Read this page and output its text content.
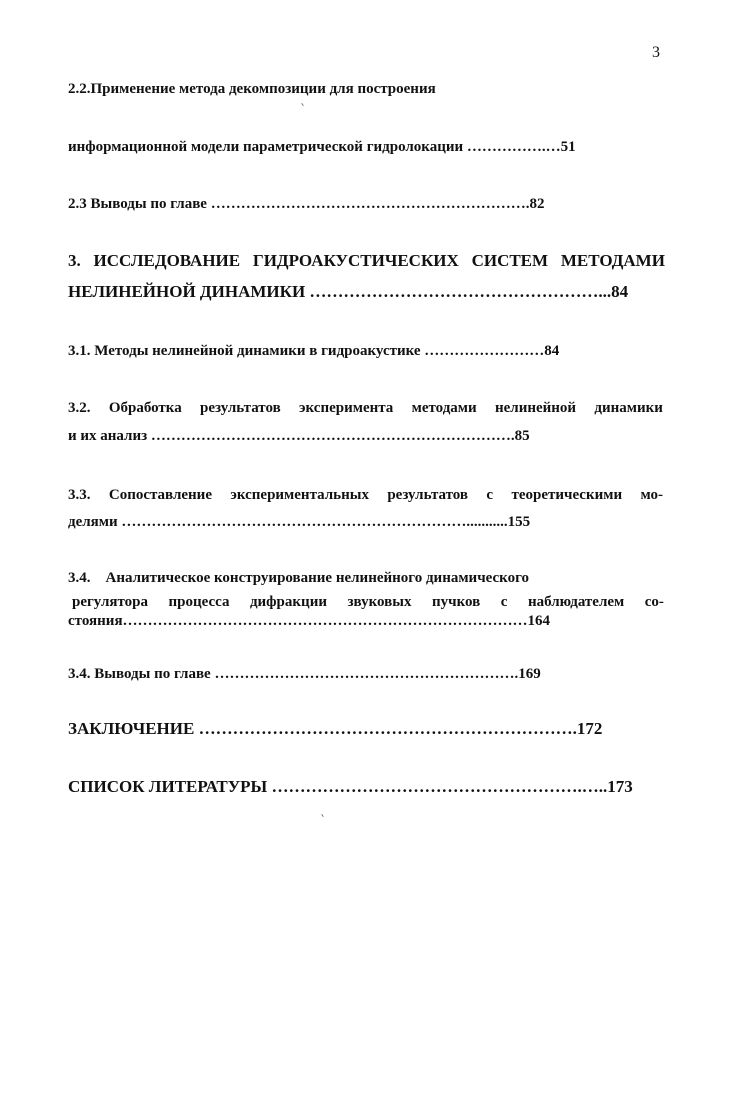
3
2.2.Применение метода декомпозиции для построения
информационной модели параметрической гидролокации …………….…51
2.3 Выводы по главе ……………………………………………………….82
3. ИССЛЕДОВАНИЕ ГИДРОАКУСТИЧЕСКИХ СИСТЕМ МЕТОДАМИ
НЕЛИНЕЙНОЙ ДИНАМИКИ ……………………………………………...84
3.1. Методы нелинейной динамики в гидроакустике ……………………84
3.2. Обработка результатов эксперимента методами нелинейной динамики
и их анализ ……………………………………………………………….85
3.3. Сопоставление экспериментальных результатов с теоретическими мо-
делями ……………………………………………………………...........155
3.4.    Аналитическое конструирование нелинейного динамического
регулятора процесса дифракции звуковых пучков с наблюдателем со-
стояния………………………………………………………………………164
3.4. Выводы по главе …………………………………………………….169
ЗАКЛЮЧЕНИЕ ………………………………………………………….172
СПИСОК ЛИТЕРАТУРЫ ……………………………………………….…..173
